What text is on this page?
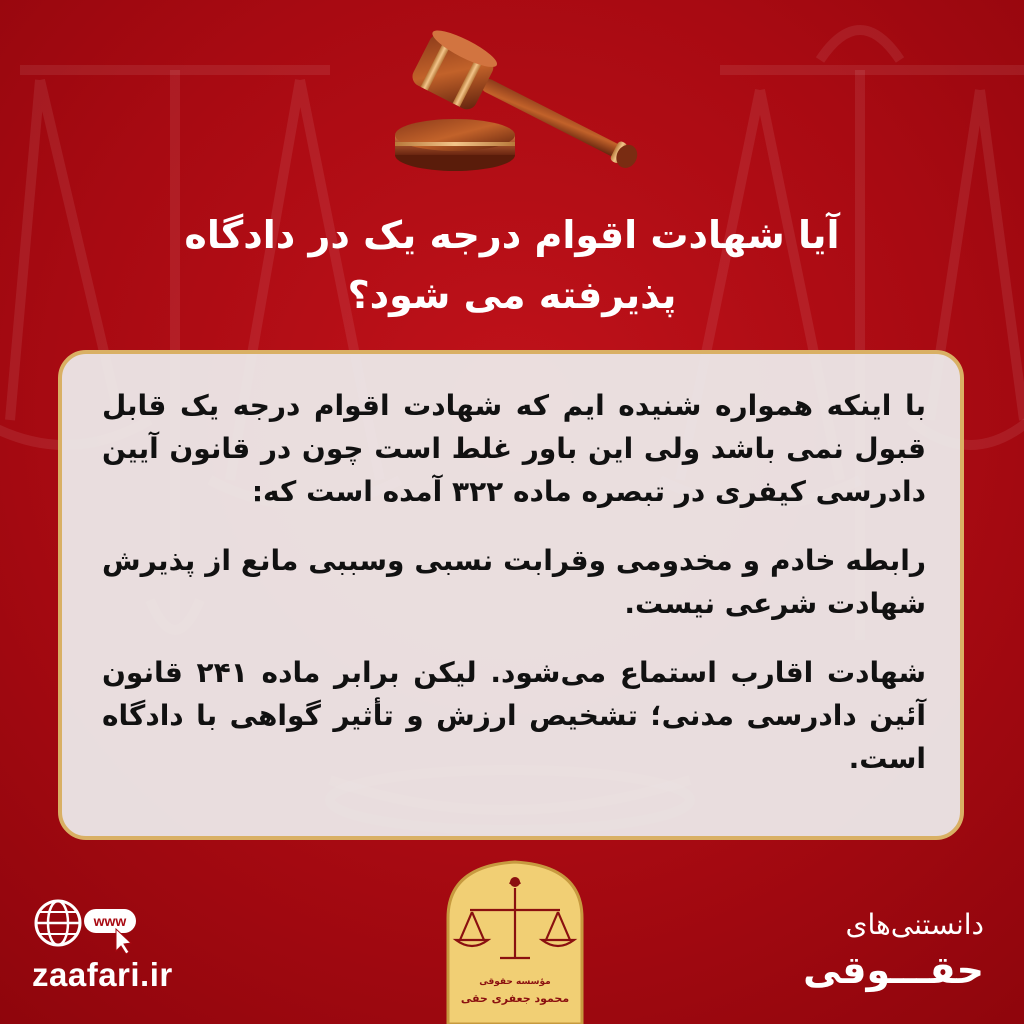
آیا شهادت اقوام درجه یک در دادگاه
پذیرفته می شود؟

با اینکه همواره شنیده ایم که شهادت اقوام درجه یک قابل قبول نمی باشد ولی این باور غلط است چون در قانون آیین دادرسی کیفری در تبصره ماده ۳۲۲ آمده است که:

رابطه خادم و مخدومی وقرابت نسبی وسببی مانع از پذیرش شهادت شرعی نیست.

شهادت اقارب استماع می‌شود. لیکن برابر ماده ۲۴۱ قانون آئین دادرسی مدنی؛ تشخیص ارزش و تأثیر گواهی با دادگاه است.

www
zaafari.ir	مؤسسه حقوقی
محمود جعفری حقی
دانستنی‌های
حقـــوقی
